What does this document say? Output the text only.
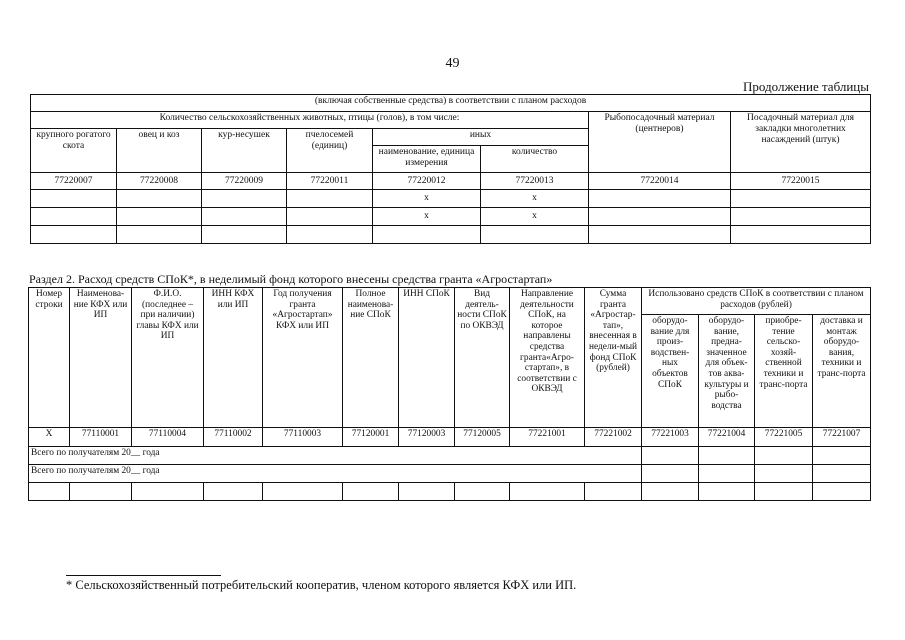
49
Продолжение таблицы
(включая собственные средства) в соответствии с планом расходов							
Количество сельскохозяйственных животных, птицы (голов), в том числе:						Рыбопосадочный материал (центнеров)	Посадочный материал для закладки многолетних насаждений (штук)
крупного рогатого скота	овец и коз	кур-несушек	пчелосемей (единиц)	иных			
				наименование, единица измерения	количество		
77220007	77220008	77220009	77220011	77220012	77220013	77220014	77220015
				x	x		
				x	x		

Раздел 2. Расход средств СПоК*, в неделимый фонд которого внесены средства гранта «Агростартап»
Номер строки	Наименова-ние КФХ или ИП	Ф.И.О. (последнее – при наличии) главы КФХ или ИП	ИНН КФХ или ИП	Год получения гранта «Агростартап» КФХ или ИП	Полное наименова-ние СПоК	ИНН СПоК	Вид деятель-ности СПоК по ОКВЭД	Направление деятельности СПоК, на которое направлены средства гранта«Агро-стартап», в соответствии с ОКВЭД	Сумма гранта «Агростар-тап», внесенная в недели-мый фонд СПоК (рублей)	Использовано средств СПоК в соответствии с планом расходов (рублей)			
										оборудо-вание для произ-водствен-ных объектов СПоК	оборудо-вание, предна-значенное для объек-тов аква-культуры и рыбо-водства	приобре-тение сельско-хозяй-ственной техники и транс-порта	доставка и монтаж оборудо-вания, техники и транс-порта
X	77110001	77110004	77110002	77110003	77120001	77120003	77120005	77221001	77221002	77221003	77221004	77221005	77221007
Всего по получателям 20__ года													
Всего по получателям 20__ года													

* Сельскохозяйственный потребительский кооператив, членом которого является КФХ или ИП.
